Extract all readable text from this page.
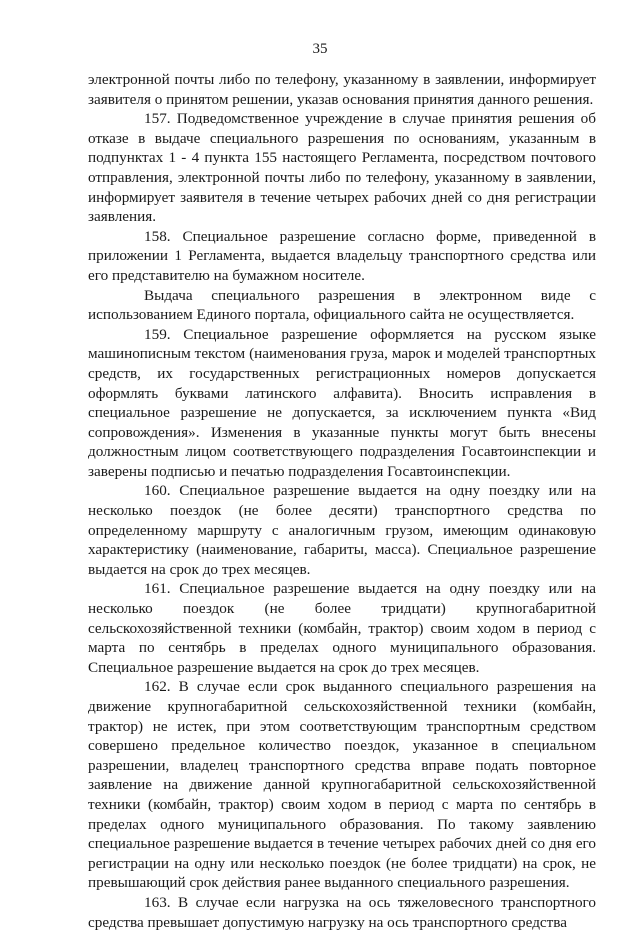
35

электронной почты либо по телефону, указанному в заявлении, информирует заявителя о принятом решении, указав основания принятия данного решения.

157. Подведомственное учреждение в случае принятия решения об отказе в выдаче специального разрешения по основаниям, указанным в подпунктах 1 - 4 пункта 155 настоящего Регламента, посредством почтового отправления, электронной почты либо по телефону, указанному в заявлении, информирует заявителя в течение четырех рабочих дней со дня регистрации заявления.

158. Специальное разрешение согласно форме, приведенной в приложении 1 Регламента, выдается владельцу транспортного средства или его представителю на бумажном носителе.

Выдача специального разрешения в электронном виде с использованием Единого портала, официального сайта не осуществляется.

159. Специальное разрешение оформляется на русском языке машинописным текстом (наименования груза, марок и моделей транспортных средств, их государственных регистрационных номеров допускается оформлять буквами латинского алфавита). Вносить исправления в специальное разрешение не допускается, за исключением пункта «Вид сопровождения». Изменения в указанные пункты могут быть внесены должностным лицом соответствующего подразделения Госавтоинспекции и заверены подписью и печатью подразделения Госавтоинспекции.

160. Специальное разрешение выдается на одну поездку или на несколько поездок (не более десяти) транспортного средства по определенному маршруту с аналогичным грузом, имеющим одинаковую характеристику (наименование, габариты, масса). Специальное разрешение выдается на срок до трех месяцев.

161. Специальное разрешение выдается на одну поездку или на несколько поездок (не более тридцати) крупногабаритной сельскохозяйственной техники (комбайн, трактор) своим ходом в период с марта по сентябрь в пределах одного муниципального образования. Специальное разрешение выдается на срок до трех месяцев.

162. В случае если срок выданного специального разрешения на движение крупногабаритной сельскохозяйственной техники (комбайн, трактор) не истек, при этом соответствующим транспортным средством совершено предельное количество поездок, указанное в специальном разрешении, владелец транспортного средства вправе подать повторное заявление на движение данной крупногабаритной сельскохозяйственной техники (комбайн, трактор) своим ходом в период с марта по сентябрь в пределах одного муниципального образования. По такому заявлению специальное разрешение выдается в течение четырех рабочих дней со дня его регистрации на одну или несколько поездок (не более тридцати) на срок, не превышающий срок действия ранее выданного специального разрешения.

163. В случае если нагрузка на ось тяжеловесного транспортного средства превышает допустимую нагрузку на ось транспортного средства
